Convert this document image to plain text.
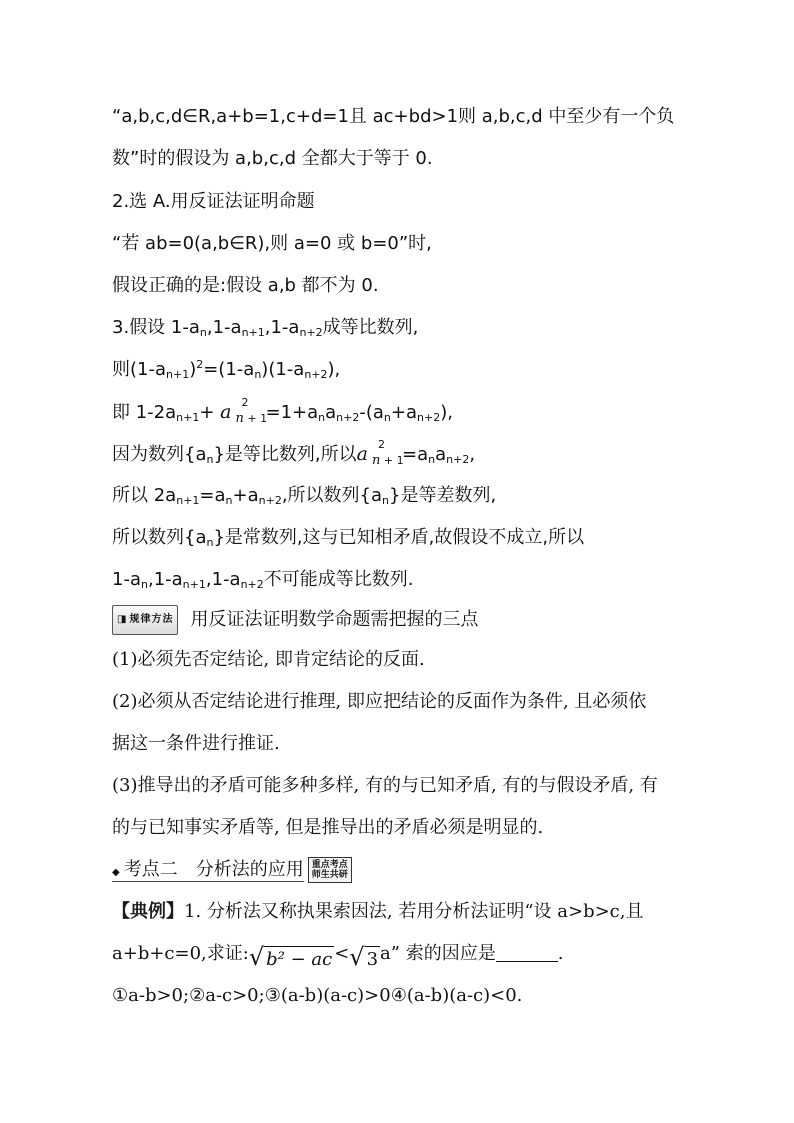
“a,b,c,d∈R,a+b=1,c+d=1且 ac+bd>1则 a,b,c,d 中至少有一个负
数”时的假设为 a,b,c,d 全都大于等于 0.
2.选 A.用反证法证明命题
“若 ab=0(a,b∈R),则 a=0 或 b=0”时,
假设正确的是:假设 a,b 都不为 0.
3.假设 $1-a_n,1-a_{n+1},1-a_{n+2}$成等比数列,
则$(1-a_{n+1})^2=(1-a_n)(1-a_{n+2})$,
即 $1-2a_{n+1}+ a$ 2
n + 1
$=1+a_na_{n+2}-(a_n+a_{n+2})$,
因为数列$\{a_n\}$是等比数列,所以a 2
n + 1
$=a_na_{n+2}$,
所以 $2a_{n+1}=a_n+a_{n+2}$,所以数列$\{a_n\}$是等差数列,
所以数列$\{a_n\}$是常数列,这与已知相矛盾,故假设不成立,所以
$1-a_n,1-a_{n+1},1-a_{n+2}$不可能成等比数列.
◨ 规律方法 用反证法证明数学命题需把握的三点
(1)必须先否定结论, 即肯定结论的反面.
(2)必须从否定结论进行推理, 即应把结论的反面作为条件, 且必须依
据这一条件进行推证.
(3)推导出的矛盾可能多种多样, 有的与已知矛盾, 有的与假设矛盾, 有
的与已知事实矛盾等, 但是推导出的矛盾必须是明显的.
◆ 考点二　分析法的应用 重点考点
师生共研
【典例】1. 分析法又称执果索因法, 若用分析法证明“设 a>b>c,且
a+b+c=0,求证:√ b² − ac <√ 3 a” 索的因应是	.
①a-b>0;②a-c>0;③(a-b)(a-c)>0④(a-b)(a-c)<0.
